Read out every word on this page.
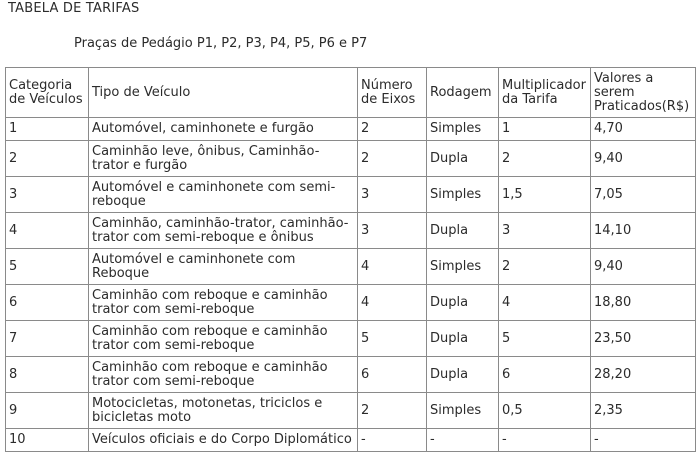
TABELA DE TARIFAS
Praças de Pedágio P1, P2, P3, P4, P5, P6 e P7
Categoria de Veículos	Tipo de Veículo	Número de Eixos	Rodagem	Multiplicador da Tarifa	Valores a serem Praticados(R$)
1	Automóvel, caminhonete e furgão	2	Simples	1	4,70
2	Caminhão leve, ônibus, Caminhão-trator e furgão	2	Dupla	2	9,40
3	Automóvel e caminhonete com semi-reboque	3	Simples	1,5	7,05
4	Caminhão, caminhão-trator, caminhão-trator com semi-reboque e ônibus	3	Dupla	3	14,10
5	Automóvel e caminhonete com Reboque	4	Simples	2	9,40
6	Caminhão com reboque e caminhão trator com semi-reboque	4	Dupla	4	18,80
7	Caminhão com reboque e caminhão trator com semi-reboque	5	Dupla	5	23,50
8	Caminhão com reboque e caminhão trator com semi-reboque	6	Dupla	6	28,20
9	Motocicletas, motonetas, triciclos e bicicletas moto	2	Simples	0,5	2,35
10	Veículos oficiais e do Corpo Diplomático	-	-	-	-
